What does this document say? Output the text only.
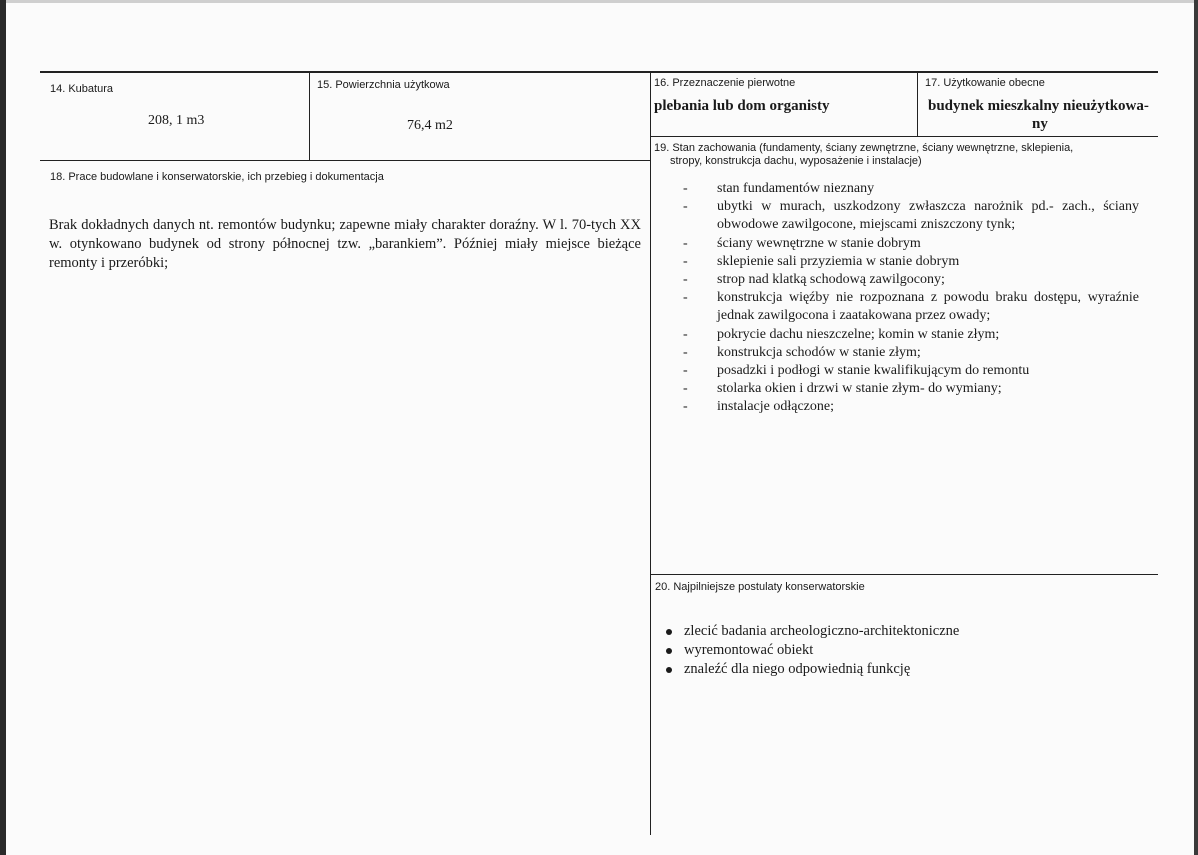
14. Kubatura
208, 1 m3
15. Powierzchnia użytkowa
76,4 m2
16. Przeznaczenie pierwotne
plebania lub dom organisty
17. Użytkowanie obecne
budynek mieszkalny nieużytkowa-
ny
18. Prace budowlane i konserwatorskie, ich przebieg i dokumentacja
Brak dokładnych danych nt. remontów budynku; zapewne miały charakter doraźny. W l. 70-tych XX w. otynkowano budynek od strony północnej tzw. „barankiem”. Później miały miejsce bieżące remonty i przeróbki;
19. Stan zachowania (fundamenty, ściany zewnętrzne, ściany wewnętrzne, sklepienia,
stropy, konstrukcja dachu, wyposażenie i instalacje)
- stan fundamentów nieznany
- ubytki w murach, uszkodzony zwłaszcza narożnik pd.- zach., ściany obwodowe zawilgocone, miejscami zniszczony tynk;
- ściany wewnętrzne w stanie dobrym
- sklepienie sali przyziemia w stanie dobrym
- strop nad klatką schodową zawilgocony;
- konstrukcja więźby nie rozpoznana z powodu braku dostępu, wyraźnie jednak zawilgocona i zaatakowana przez owady;
- pokrycie dachu nieszczelne; komin w stanie złym;
- konstrukcja schodów w stanie złym;
- posadzki i podłogi w stanie kwalifikującym do remontu
- stolarka okien i drzwi w stanie złym- do wymiany;
- instalacje odłączone;
20. Najpilniejsze postulaty konserwatorskie
zlecić badania archeologiczno-architektoniczne
wyremontować obiekt
znaleźć dla niego odpowiednią funkcję
